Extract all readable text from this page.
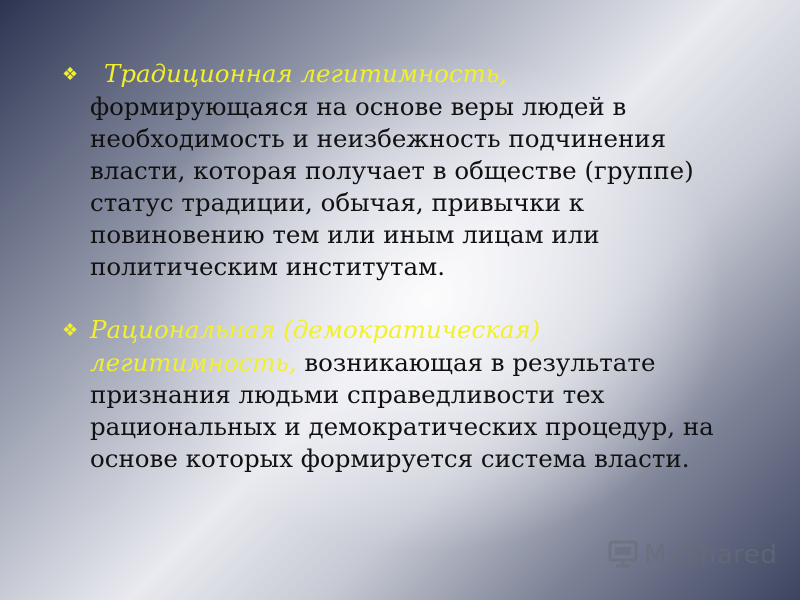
❖ Традиционная легитимность,
формирующаяся на основе веры людей в
необходимость и неизбежность подчинения
власти, которая получает в обществе (группе)
статус традиции, обычая, привычки к
повиновению тем или иным лицам или
политическим институтам.
❖ Рациональная (демократическая)
легитимность, возникающая в результате
признания людьми справедливости тех
рациональных и демократических процедур, на
основе которых формируется система власти.
MyShared
